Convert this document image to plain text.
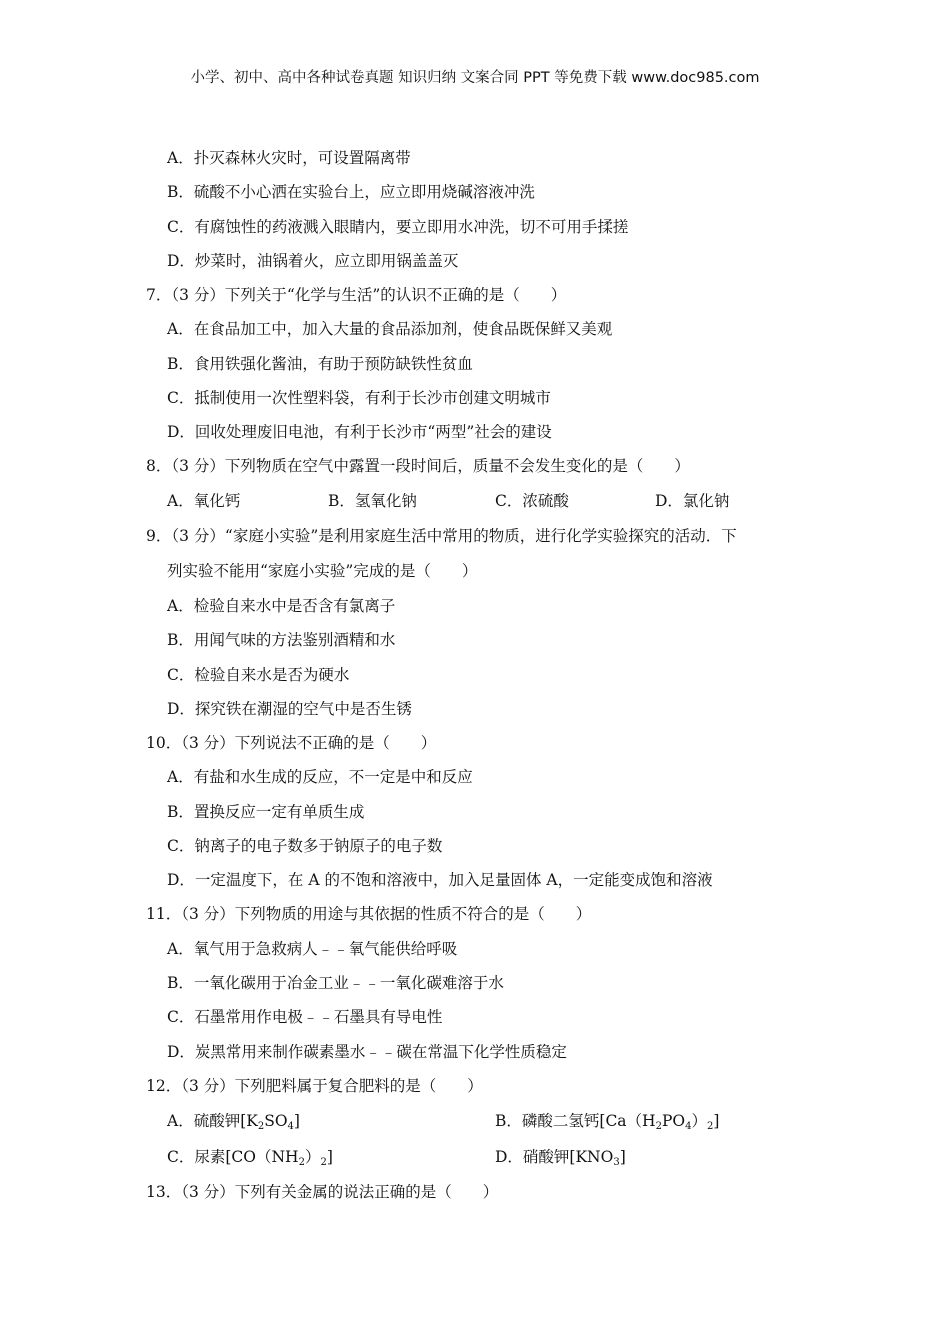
小学、初中、高中各种试卷真题 知识归纳 文案合同 PPT 等免费下载 www.doc985.com
A．扑灭森林火灾时，可设置隔离带
B．硫酸不小心洒在实验台上，应立即用烧碱溶液冲洗
C．有腐蚀性的药液溅入眼睛内，要立即用水冲洗，切不可用手揉搓
D．炒菜时，油锅着火，应立即用锅盖盖灭
7．（3 分）下列关于“化学与生活”的认识不正确的是（　　）
A．在食品加工中，加入大量的食品添加剂，使食品既保鲜又美观
B．食用铁强化酱油，有助于预防缺铁性贫血
C．抵制使用一次性塑料袋，有利于长沙市创建文明城市
D．回收处理废旧电池，有利于长沙市“两型”社会的建设
8．（3 分）下列物质在空气中露置一段时间后，质量不会发生变化的是（　　）
A．氧化钙	B．氢氧化钠	C．浓硫酸	D．氯化钠
9．（3 分）“家庭小实验”是利用家庭生活中常用的物质，进行化学实验探究的活动．下
列实验不能用“家庭小实验”完成的是（　　）
A．检验自来水中是否含有氯离子
B．用闻气味的方法鉴别酒精和水
C．检验自来水是否为硬水
D．探究铁在潮湿的空气中是否生锈
10．（3 分）下列说法不正确的是（　　）
A．有盐和水生成的反应，不一定是中和反应
B．置换反应一定有单质生成
C．钠离子的电子数多于钠原子的电子数
D．一定温度下，在 A 的不饱和溶液中，加入足量固体 A，一定能变成饱和溶液
11．（3 分）下列物质的用途与其依据的性质不符合的是（　　）
A．氧气用于急救病人﹣﹣氧气能供给呼吸
B．一氧化碳用于冶金工业﹣﹣一氧化碳难溶于水
C．石墨常用作电极﹣﹣石墨具有导电性
D．炭黑常用来制作碳素墨水﹣﹣碳在常温下化学性质稳定
12．（3 分）下列肥料属于复合肥料的是（　　）
A．硫酸钾$[K_2SO_4]$	B．磷酸二氢钙$[Ca(H_2PO_4)_2]$
C．尿素$[CO(NH_2)_2]$	D．硝酸钾$[KNO_3]$
13．（3 分）下列有关金属的说法正确的是（　　）
